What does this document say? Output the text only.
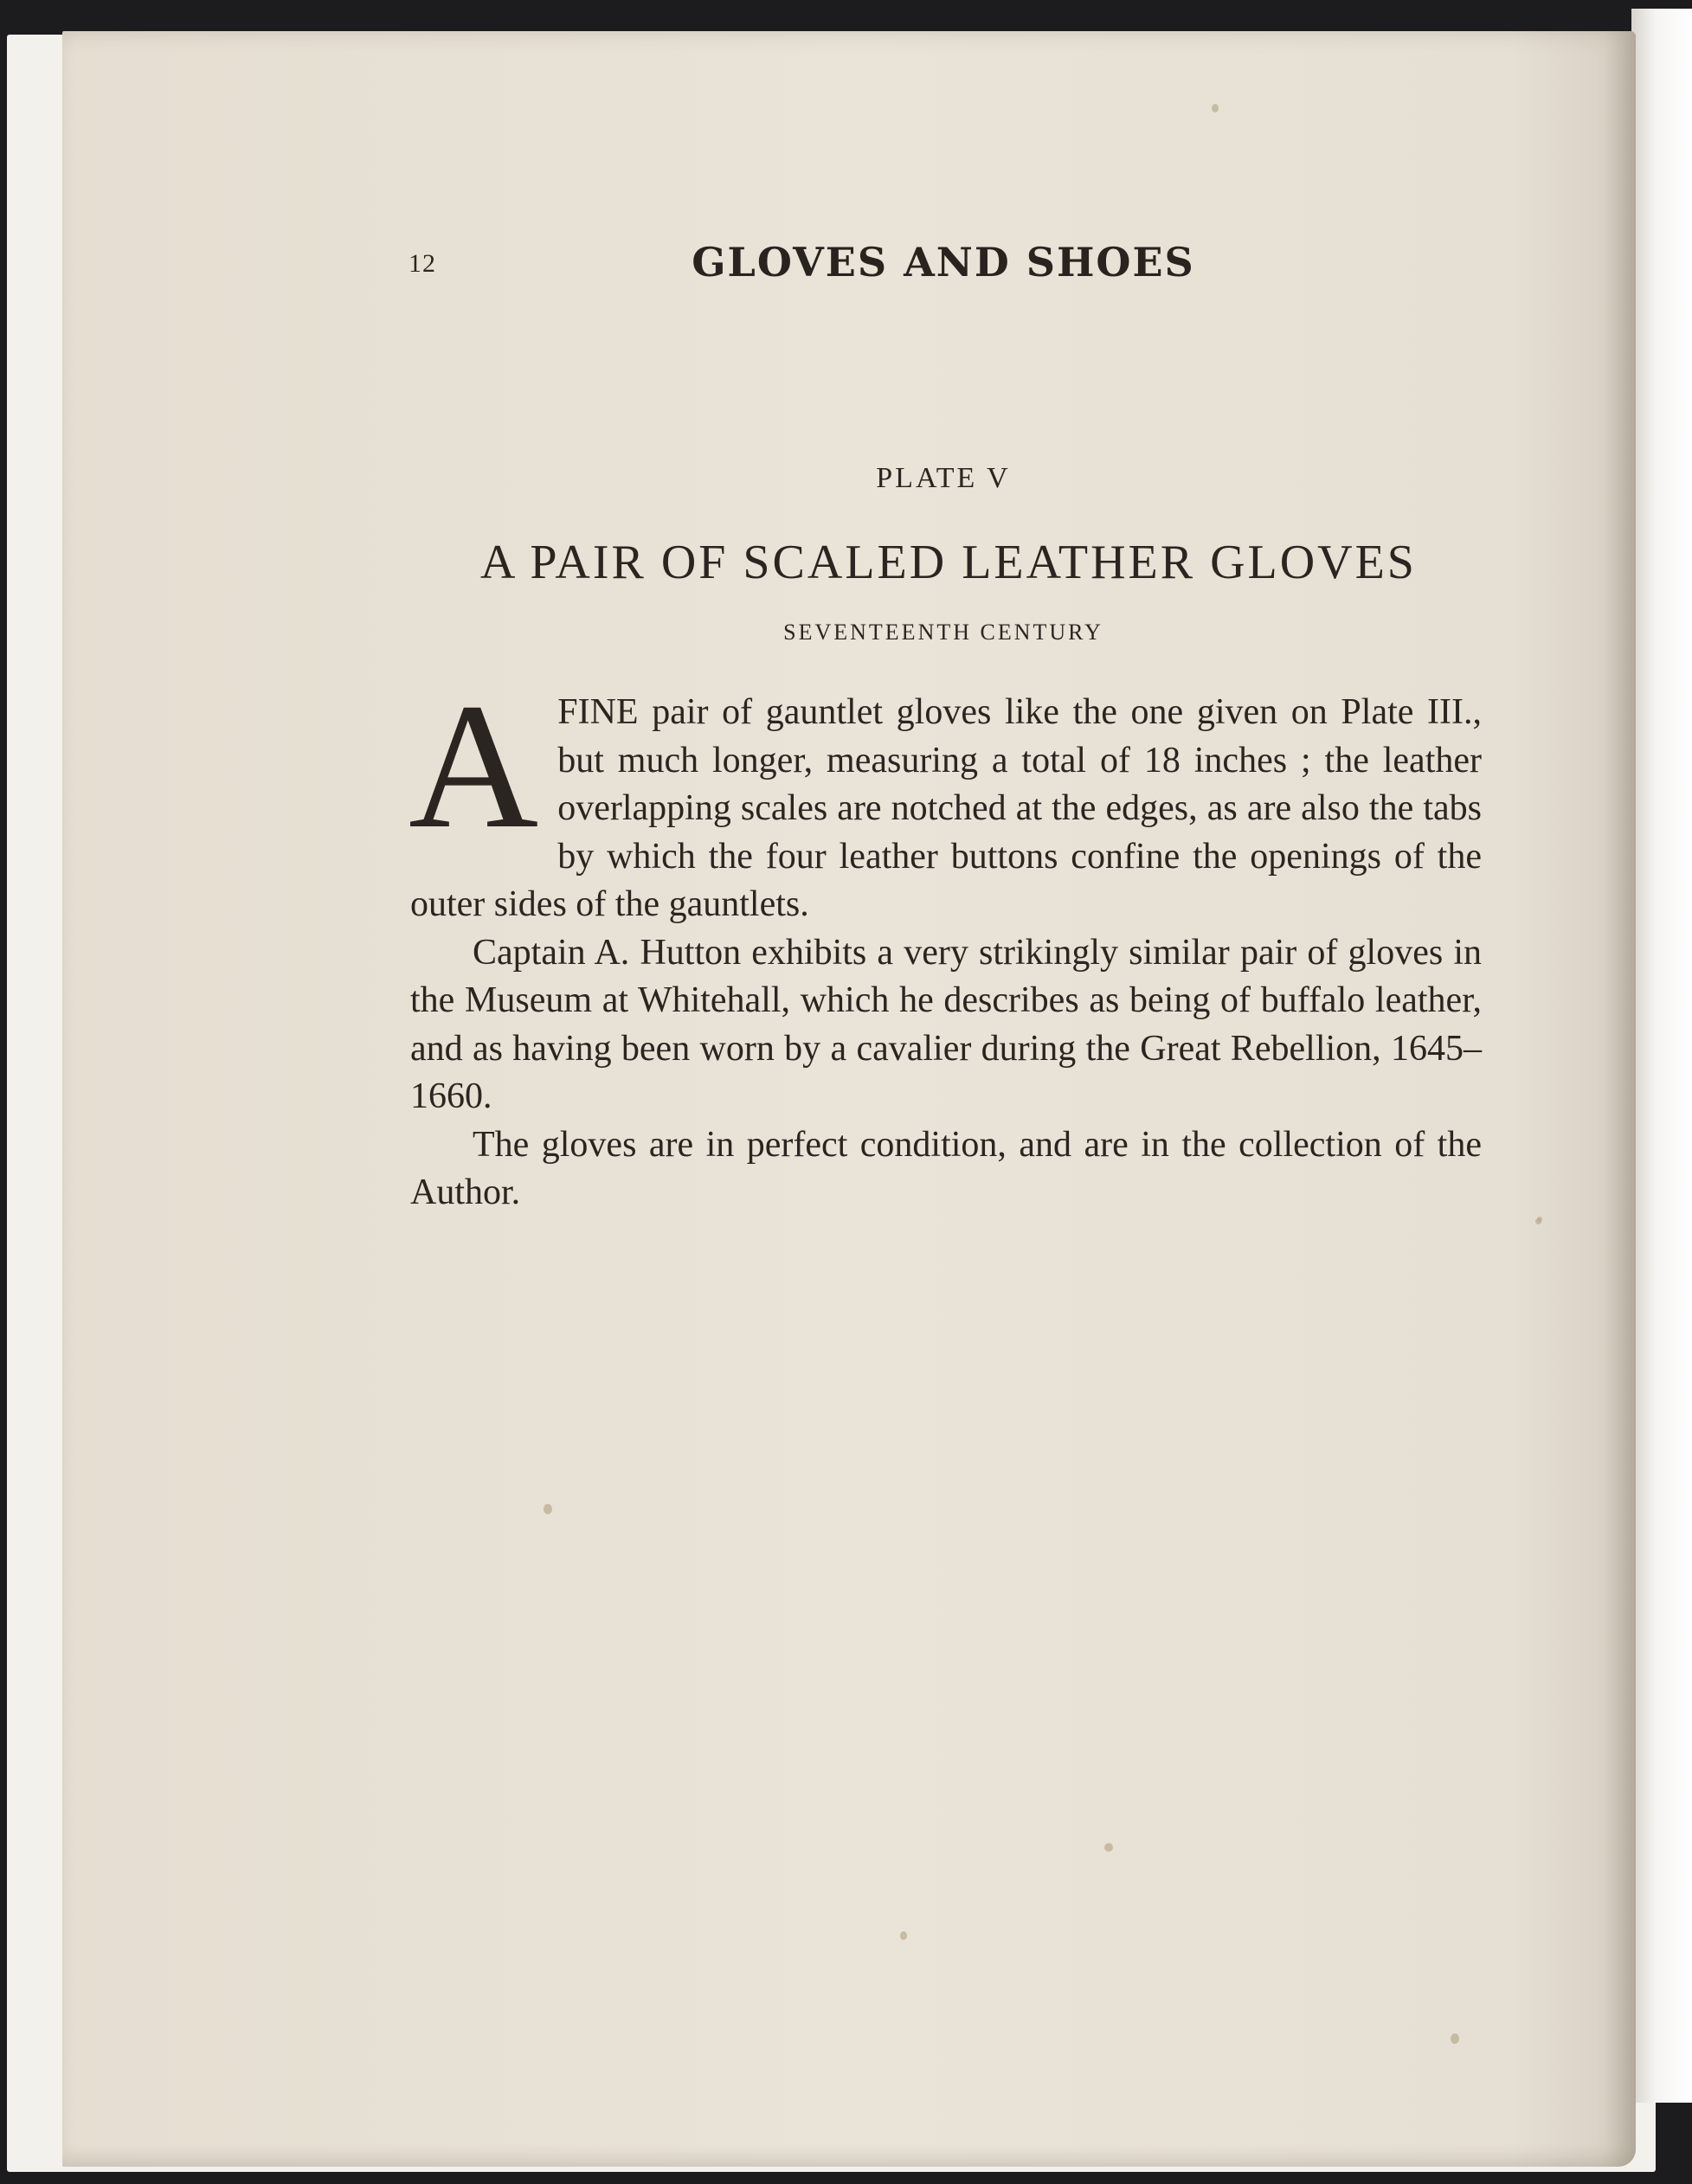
12	GLOVES AND SHOES
PLATE V
A PAIR OF SCALED LEATHER GLOVES
SEVENTEENTH CENTURY

A FINE pair of gauntlet gloves like the one given on Plate III., but much longer, measuring a total of 18 inches ; the leather overlapping scales are notched at the edges, as are also the tabs by which the four leather buttons confine the openings of the outer sides of the gauntlets.

Captain A. Hutton exhibits a very strikingly similar pair of gloves in the Museum at Whitehall, which he describes as being of buffalo leather, and as having been worn by a cavalier during the Great Rebellion, 1645–1660.

The gloves are in perfect condition, and are in the collection of the Author.
